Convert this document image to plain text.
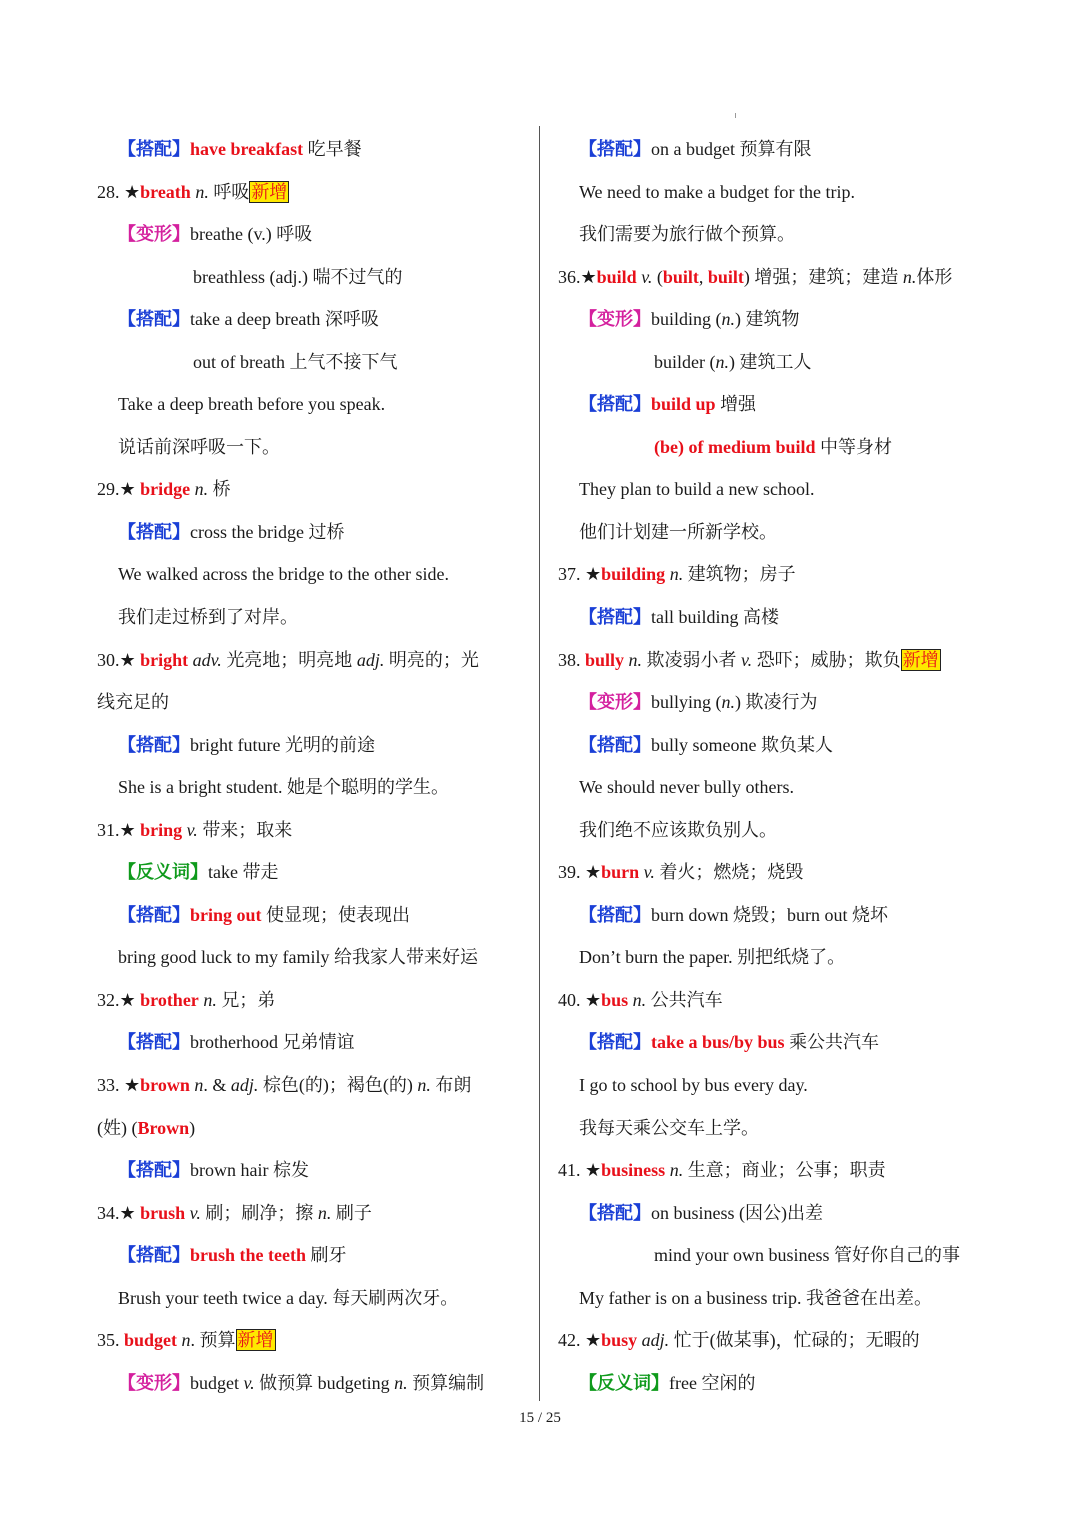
【搭配】have breakfast 吃早餐
28. ★breath n. 呼吸 新增
【变形】breathe (v.) 呼吸
breathless (adj.) 喘不过气的
【搭配】take a deep breath 深呼吸
out of breath 上气不接下气
Take a deep breath before you speak.
说话前深呼吸一下。
29.★ bridge n. 桥
【搭配】cross the bridge 过桥
We walked across the bridge to the other side.
我们走过桥到了对岸。
30.★ bright adv. 光亮地；明亮地 adj. 明亮的；光
线充足的
【搭配】bright future 光明的前途
She is a bright student. 她是个聪明的学生。
31.★ bring v. 带来；取来
【反义词】take 带走
【搭配】bring out 使显现；使表现出
bring good luck to my family 给我家人带来好运
32.★ brother n. 兄；弟
【搭配】brotherhood 兄弟情谊
33. ★brown n. & adj. 棕色(的)；褐色(的) n. 布朗
(姓) (Brown)
【搭配】brown hair 棕发
34.★ brush v. 刷；刷净；擦 n. 刷子
【搭配】brush the teeth 刷牙
Brush your teeth twice a day. 每天刷两次牙。
35. budget n. 预算 新增
【变形】budget v. 做预算 budgeting n. 预算编制
【搭配】on a budget 预算有限
We need to make a budget for the trip.
我们需要为旅行做个预算。
36.★build v. (built, built) 增强；建筑；建造 n.体形
【变形】building (n.) 建筑物
builder (n.) 建筑工人
【搭配】build up 增强
(be) of medium build 中等身材
They plan to build a new school.
他们计划建一所新学校。
37. ★building n. 建筑物；房子
【搭配】tall building 高楼
38. bully n. 欺凌弱小者 v. 恐吓；威胁；欺负 新增
【变形】bullying (n.) 欺凌行为
【搭配】bully someone 欺负某人
We should never bully others.
我们绝不应该欺负别人。
39. ★burn v. 着火；燃烧；烧毁
【搭配】burn down 烧毁；burn out 烧坏
Don’t burn the paper. 别把纸烧了。
40. ★bus n. 公共汽车
【搭配】take a bus/by bus 乘公共汽车
I go to school by bus every day.
我每天乘公交车上学。
41. ★business n. 生意；商业；公事；职责
【搭配】on business (因公)出差
mind your own business 管好你自己的事
My father is on a business trip. 我爸爸在出差。
42. ★busy adj. 忙于(做某事)，忙碌的；无暇的
【反义词】free 空闲的
15 / 25
